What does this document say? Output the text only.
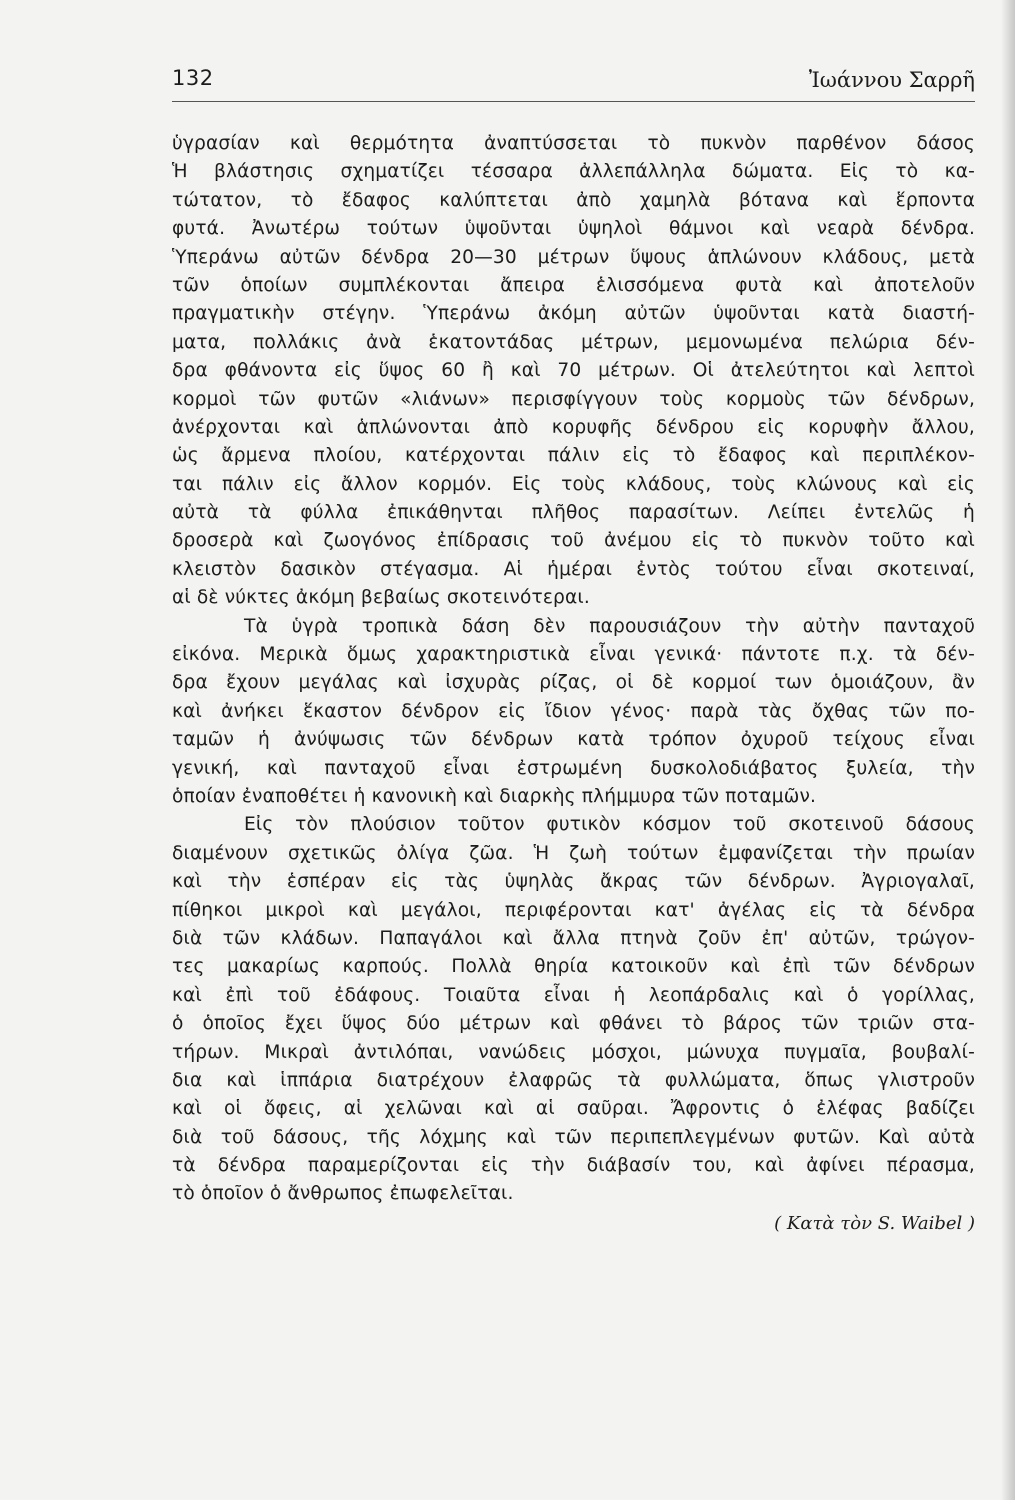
132	Ἰωάννου Σαρρῆ
ὑγρασίαν καὶ θερμότητα ἀναπτύσσεται τὸ πυκνὸν παρθένον δάσος
Ἡ βλάστησις σχηματίζει τέσσαρα ἀλλεπάλληλα δώματα. Εἰς τὸ κα-
τώτατον, τὸ ἔδαφος καλύπτεται ἀπὸ χαμηλὰ βότανα καὶ ἕρποντα
φυτά. Ἀνωτέρω τούτων ὑψοῦνται ὑψηλοὶ θάμνοι καὶ νεαρὰ δένδρα.
Ὑπεράνω αὐτῶν δένδρα 20—30 μέτρων ὕψους ἁπλώνουν κλάδους, μετὰ
τῶν ὁποίων συμπλέκονται ἄπειρα ἑλισσόμενα φυτὰ καὶ ἀποτελοῦν
πραγματικὴν στέγην. Ὑπεράνω ἀκόμη αὐτῶν ὑψοῦνται κατὰ διαστή-
ματα, πολλάκις ἀνὰ ἑκατοντάδας μέτρων, μεμονωμένα πελώρια δέν-
δρα φθάνοντα εἰς ὕψος 60 ἢ καὶ 70 μέτρων. Οἱ ἀτελεύτητοι καὶ λεπτοὶ
κορμοὶ τῶν φυτῶν «λιάνων» περισφίγγουν τοὺς κορμοὺς τῶν δένδρων,
ἀνέρχονται καὶ ἁπλώνονται ἀπὸ κορυφῆς δένδρου εἰς κορυφὴν ἄλλου,
ὡς ἄρμενα πλοίου, κατέρχονται πάλιν εἰς τὸ ἔδαφος καὶ περιπλέκον-
ται πάλιν εἰς ἄλλον κορμόν. Εἰς τοὺς κλάδους, τοὺς κλώνους καὶ εἰς
αὐτὰ τὰ φύλλα ἐπικάθηνται πλῆθος παρασίτων. Λείπει ἐντελῶς ἡ
δροσερὰ καὶ ζωογόνος ἐπίδρασις τοῦ ἀνέμου εἰς τὸ πυκνὸν τοῦτο καὶ
κλειστὸν δασικὸν στέγασμα. Αἱ ἡμέραι ἐντὸς τούτου εἶναι σκοτειναί,
αἱ δὲ νύκτες ἀκόμη βεβαίως σκοτεινότεραι.
Τὰ ὑγρὰ τροπικὰ δάση δὲν παρουσιάζουν τὴν αὐτὴν πανταχοῦ
εἰκόνα. Μερικὰ ὅμως χαρακτηριστικὰ εἶναι γενικά· πάντοτε π.χ. τὰ δέν-
δρα ἔχουν μεγάλας καὶ ἰσχυρὰς ρίζας, οἱ δὲ κορμοί των ὁμοιάζουν, ἂν
καὶ ἀνήκει ἕκαστον δένδρον εἰς ἴδιον γένος· παρὰ τὰς ὄχθας τῶν πο-
ταμῶν ἡ ἀνύψωσις τῶν δένδρων κατὰ τρόπον ὀχυροῦ τείχους εἶναι
γενική, καὶ πανταχοῦ εἶναι ἐστρωμένη δυσκολοδιάβατος ξυλεία, τὴν
ὁποίαν ἐναποθέτει ἡ κανονικὴ καὶ διαρκὴς πλήμμυρα τῶν ποταμῶν.
Εἰς τὸν πλούσιον τοῦτον φυτικὸν κόσμον τοῦ σκοτεινοῦ δάσους
διαμένουν σχετικῶς ὀλίγα ζῶα. Ἡ ζωὴ τούτων ἐμφανίζεται τὴν πρωίαν
καὶ τὴν ἑσπέραν εἰς τὰς ὑψηλὰς ἄκρας τῶν δένδρων. Ἀγριογαλαῖ,
πίθηκοι μικροὶ καὶ μεγάλοι, περιφέρονται κατ' ἀγέλας εἰς τὰ δένδρα
διὰ τῶν κλάδων. Παπαγάλοι καὶ ἄλλα πτηνὰ ζοῦν ἐπ' αὐτῶν, τρώγον-
τες μακαρίως καρπούς. Πολλὰ θηρία κατοικοῦν καὶ ἐπὶ τῶν δένδρων
καὶ ἐπὶ τοῦ ἐδάφους. Τοιαῦτα εἶναι ἡ λεοπάρδαλις καὶ ὁ γορίλλας,
ὁ ὁποῖος ἔχει ὕψος δύο μέτρων καὶ φθάνει τὸ βάρος τῶν τριῶν στα-
τήρων. Μικραὶ ἀντιλόπαι, νανώδεις μόσχοι, μώνυχα πυγμαῖα, βουβαλί-
δια καὶ ἱππάρια διατρέχουν ἐλαφρῶς τὰ φυλλώματα, ὅπως γλιστροῦν
καὶ οἱ ὄφεις, αἱ χελῶναι καὶ αἱ σαῦραι. Ἄφροντις ὁ ἐλέφας βαδίζει
διὰ τοῦ δάσους, τῆς λόχμης καὶ τῶν περιπεπλεγμένων φυτῶν. Καὶ αὐτὰ
τὰ δένδρα παραμερίζονται εἰς τὴν διάβασίν του, καὶ ἀφίνει πέρασμα,
τὸ ὁποῖον ὁ ἄνθρωπος ἐπωφελεῖται.
( Κατὰ τὸν S. Waibel )
